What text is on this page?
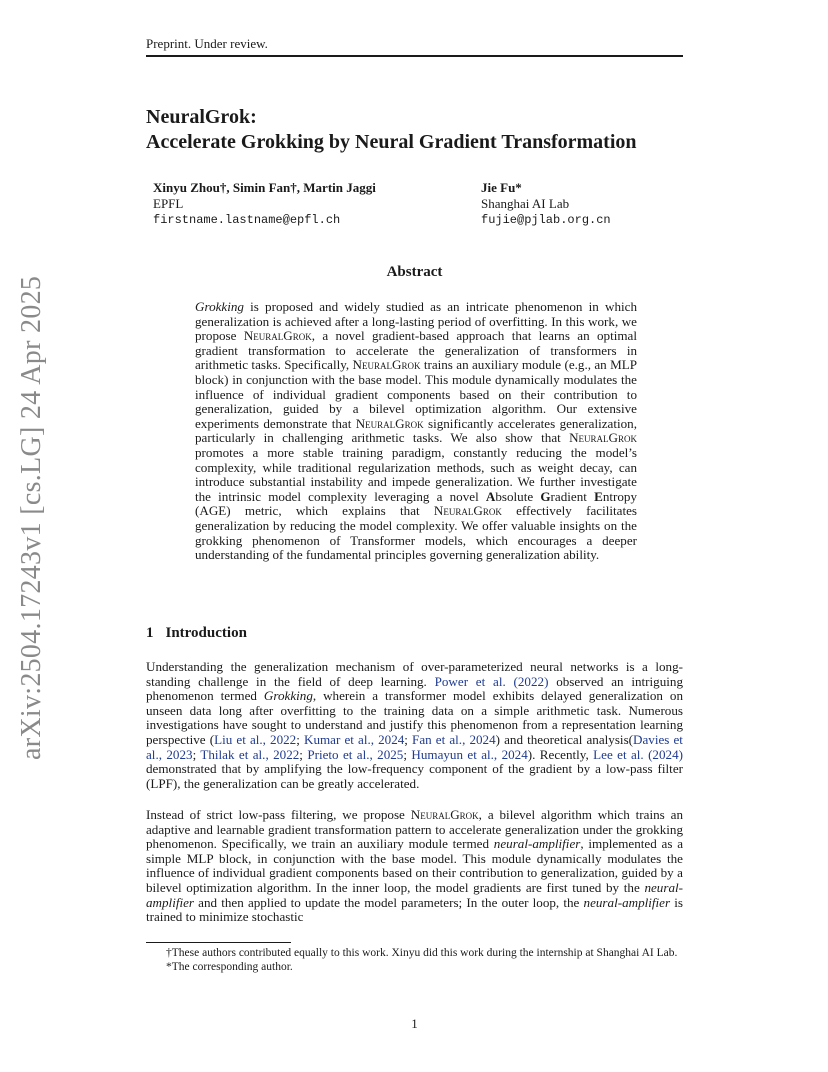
arXiv:2504.17243v1 [cs.LG] 24 Apr 2025
Preprint. Under review.
NeuralGrok:
Accelerate Grokking by Neural Gradient Transformation
Xinyu Zhou†, Simin Fan†, Martin Jaggi
EPFL
firstname.lastname@epfl.ch
Jie Fu*
Shanghai AI Lab
fujie@pjlab.org.cn
Abstract

Grokking is proposed and widely studied as an intricate phenomenon in which generalization is achieved after a long-lasting period of overfitting. In this work, we propose NeuralGrok, a novel gradient-based approach that learns an optimal gradient transformation to accelerate the generalization of transformers in arithmetic tasks. Specifically, NeuralGrok trains an auxiliary module (e.g., an MLP block) in conjunction with the base model. This module dynamically modulates the influence of individual gradient components based on their contribution to generalization, guided by a bilevel optimization algorithm. Our extensive experiments demonstrate that NeuralGrok significantly accelerates generalization, particularly in challenging arithmetic tasks. We also show that NeuralGrok promotes a more stable training paradigm, constantly reducing the model’s complexity, while traditional regularization methods, such as weight decay, can introduce substantial instability and impede generalization. We further investigate the intrinsic model complexity leveraging a novel Absolute Gradient Entropy (AGE) metric, which explains that NeuralGrok effectively facilitates generalization by reducing the model complexity. We offer valuable insights on the grokking phenomenon of Transformer models, which encourages a deeper understanding of the fundamental principles governing generalization ability.

1 Introduction

Understanding the generalization mechanism of over-parameterized neural networks is a long-standing challenge in the field of deep learning. Power et al. (2022) observed an intriguing phenomenon termed Grokking, wherein a transformer model exhibits delayed generalization on unseen data long after overfitting to the training data on a simple arithmetic task. Numerous investigations have sought to understand and justify this phenomenon from a representation learning perspective (Liu et al., 2022; Kumar et al., 2024; Fan et al., 2024) and theoretical analysis(Davies et al., 2023; Thilak et al., 2022; Prieto et al., 2025; Humayun et al., 2024). Recently, Lee et al. (2024) demonstrated that by amplifying the low-frequency component of the gradient by a low-pass filter (LPF), the generalization can be greatly accelerated.

Instead of strict low-pass filtering, we propose NeuralGrok, a bilevel algorithm which trains an adaptive and learnable gradient transformation pattern to accelerate generalization under the grokking phenomenon. Specifically, we train an auxiliary module termed neural-amplifier, implemented as a simple MLP block, in conjunction with the base model. This module dynamically modulates the influence of individual gradient components based on their contribution to generalization, guided by a bilevel optimization algorithm. In the inner loop, the model gradients are first tuned by the neural-amplifier and then applied to update the model parameters; In the outer loop, the neural-amplifier is trained to minimize stochastic

†These authors contributed equally to this work. Xinyu did this work during the internship at Shanghai AI Lab.

*The corresponding author.

1
